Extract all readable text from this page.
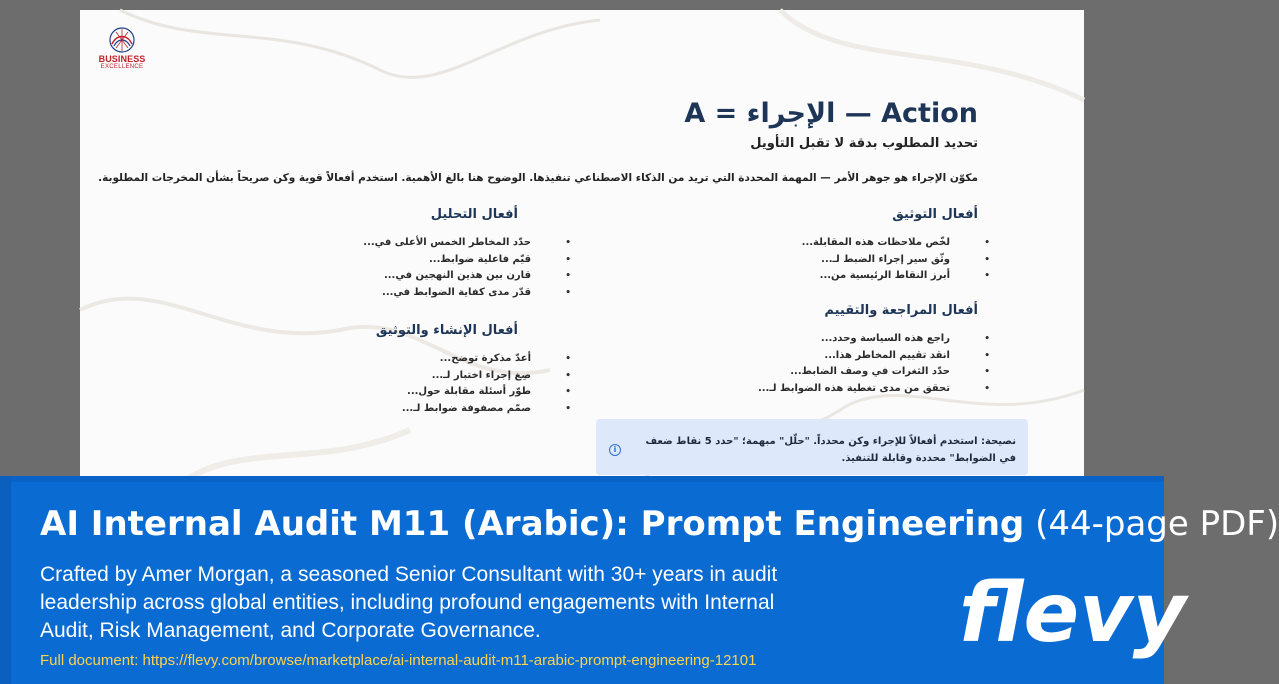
BUSINESS
EXCELLENCE
A = الإجراء — Action
تحديد المطلوب بدقة لا تقبل التأويل
مكوّن الإجراء هو جوهر الأمر — المهمة المحددة التي تريد من الذكاء الاصطناعي تنفيذها. الوضوح هنا بالغ الأهمية. استخدم أفعالاً قوية وكن صريحاً بشأن المخرجات المطلوبة.
أفعال التوثيق
•
لخّص ملاحظات هذه المقابلة...
•
وثّق سير إجراء الضبط لـ...
•
أبرز النقاط الرئيسية من...
أفعال المراجعة والتقييم
•
راجع هذه السياسة وحدد...
•
انقد تقييم المخاطر هذا...
•
حدّد الثغرات في وصف الضابط...
•
تحقق من مدى تغطية هذه الضوابط لـ...
أفعال التحليل
•
حدّد المخاطر الخمس الأعلى في...
•
قيّم فاعلية ضوابط...
•
قارن بين هذين النهجين في...
•
قدّر مدى كفاية الضوابط في...
أفعال الإنشاء والتوثيق
•
أعدّ مذكرة توضح...
•
صِغ إجراء اختبار لـ...
•
طوّر أسئلة مقابلة حول...
•
صمّم مصفوفة ضوابط لـ...
i
نصيحة: استخدم أفعالاً للإجراء وكن محدداً. "حلّل" مبهمة؛ "حدد 5 نقاط ضعف في الضوابط" محددة وقابلة للتنفيذ.
AI Internal Audit M11 (Arabic): Prompt Engineering (44-page PDF)
Crafted by Amer Morgan, a seasoned Senior Consultant with 30+ years in audit leadership across global entities, including profound engagements with Internal Audit, Risk Management, and Corporate Governance.
Full document: https://flevy.com/browse/marketplace/ai-internal-audit-m11-arabic-prompt-engineering-12101 flevy
